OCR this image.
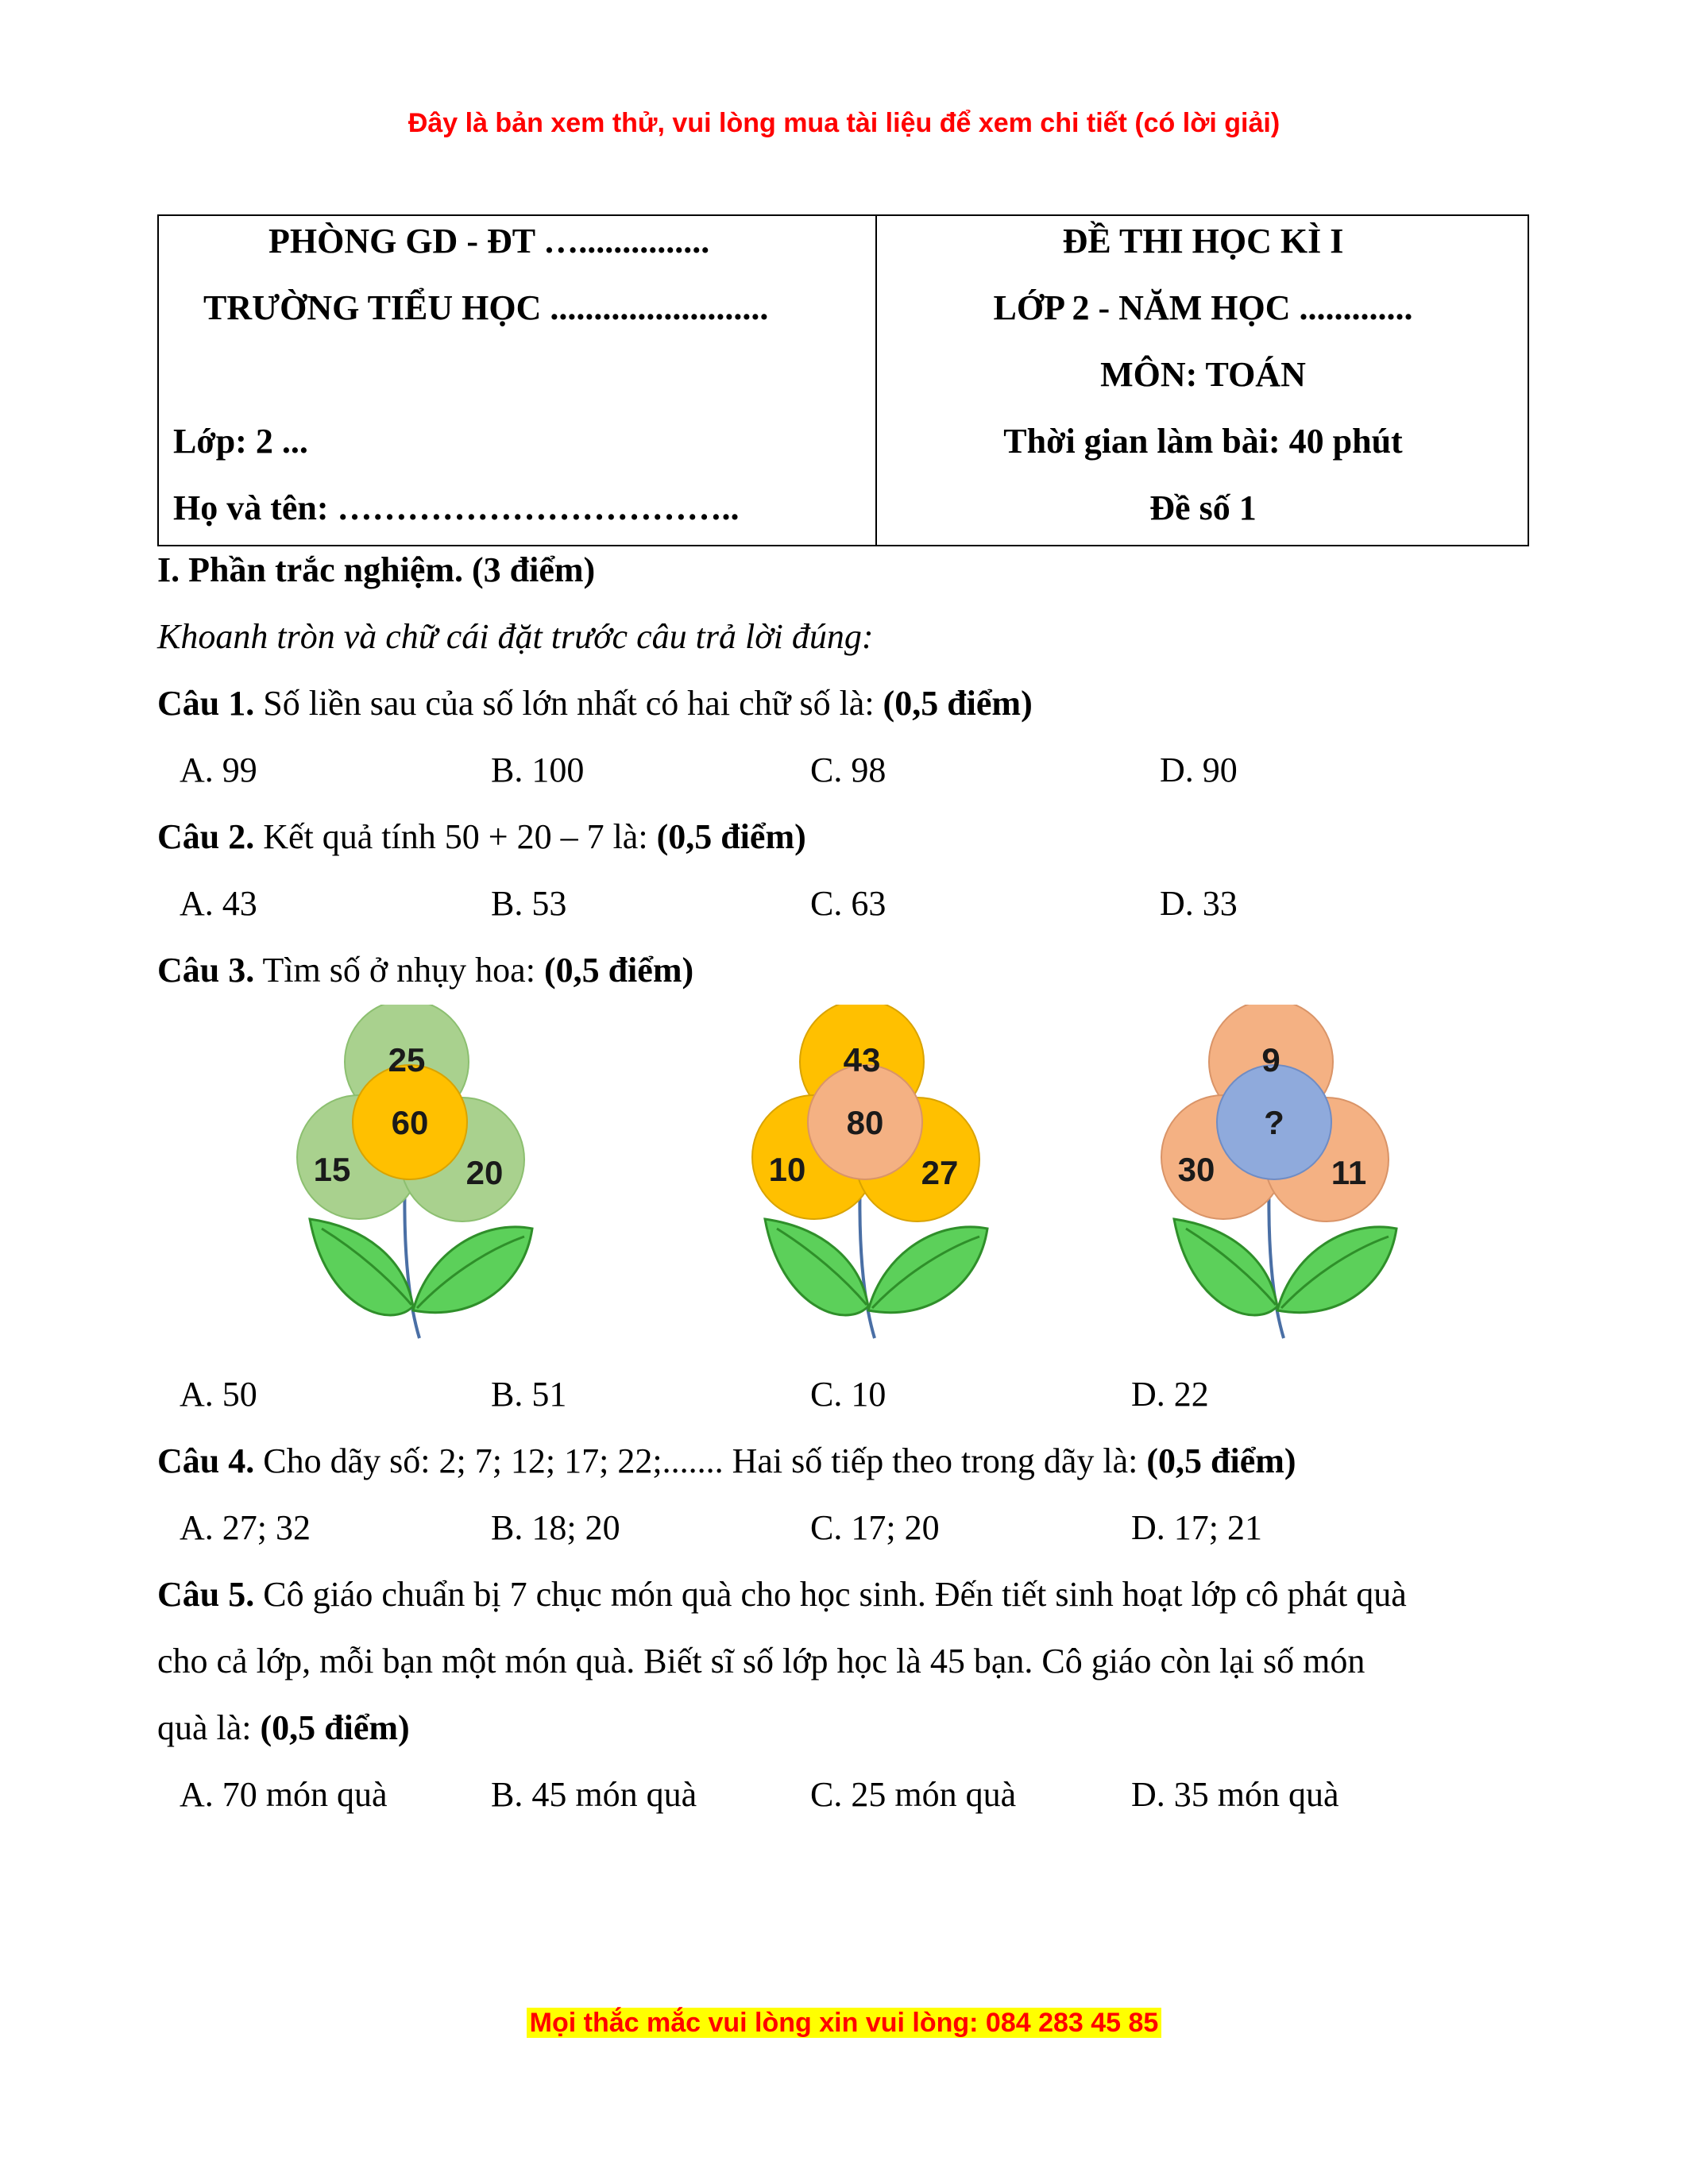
Đây là bản xem thử, vui lòng mua tài liệu để xem chi tiết (có lời giải)
PHÒNG GD - ĐT …...............
TRƯỜNG TIỂU HỌC .........................
Lớp: 2 ...
Họ và tên: ……………………………..
ĐỀ THI HỌC KÌ I
LỚP 2 - NĂM HỌC .............
MÔN: TOÁN
Thời gian làm bài: 40 phút
Đề số 1
I. Phần trắc nghiệm. (3 điểm)
Khoanh tròn và chữ cái đặt trước câu trả lời đúng:
Câu 1. Số liền sau của số lớn nhất có hai chữ số là: (0,5 điểm)
A. 99	B. 100	C. 98	D. 90
Câu 2. Kết quả tính 50 + 20 – 7 là: (0,5 điểm)
A. 43	B. 53	C. 63	D. 33
Câu 3. Tìm số ở nhụy hoa: (0,5 điểm)
25
15	20
60
43
10	27
80
9
30	11
?
A. 50	B. 51	C. 10	D. 22
Câu 4. Cho dãy số: 2; 7; 12; 17; 22;....... Hai số tiếp theo trong dãy là: (0,5 điểm)
A. 27; 32	B. 18; 20	C. 17; 20	D. 17; 21
Câu 5. Cô giáo chuẩn bị 7 chục món quà cho học sinh. Đến tiết sinh hoạt lớp cô phát quà
cho cả lớp, mỗi bạn một món quà. Biết sĩ số lớp học là 45 bạn. Cô giáo còn lại số món
quà là: (0,5 điểm)
A. 70 món quà	B. 45 món quà	C. 25 món quà	D. 35 món quà
Mọi thắc mắc vui lòng xin vui lòng: 084 283 45 85
